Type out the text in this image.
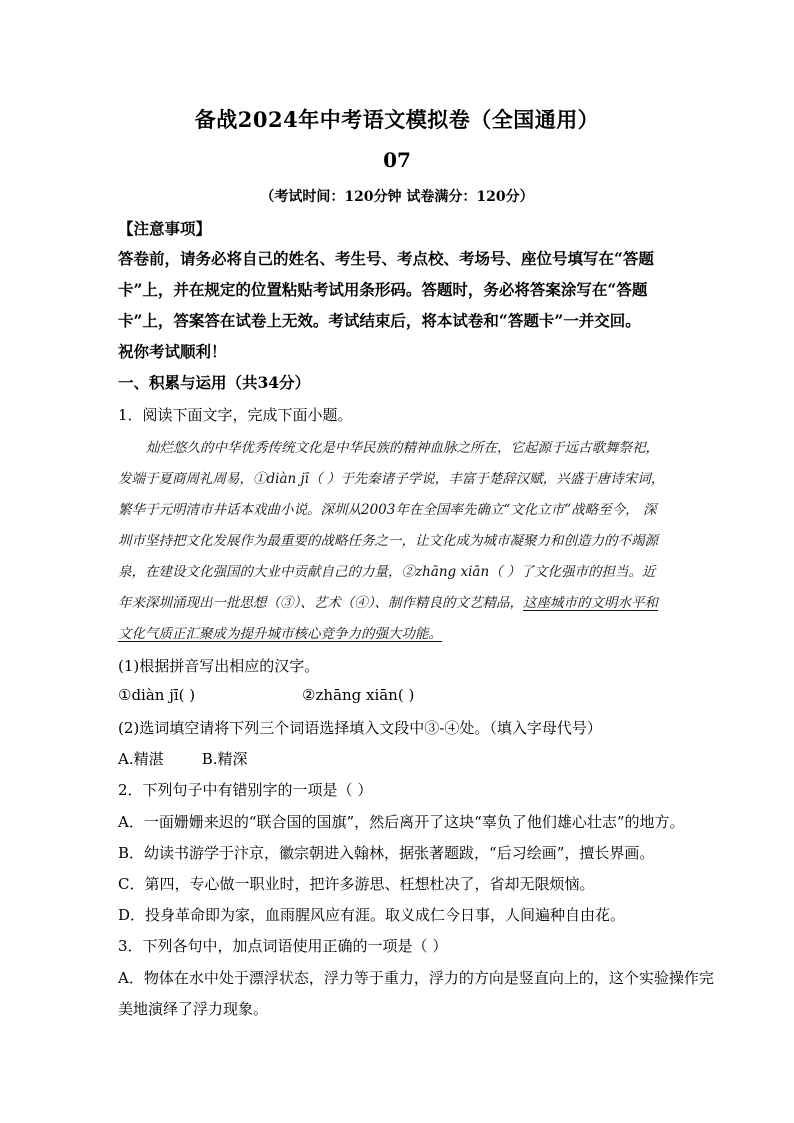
备战2024年中考语文模拟卷（全国通用）
07
（考试时间：120分钟 试卷满分：120分）
【注意事项】
答卷前，请务必将自己的姓名、考生号、考点校、考场号、座位号填写在“答题
卡”上，并在规定的位置粘贴考试用条形码。答题时，务必将答案涂写在“答题
卡”上，答案答在试卷上无效。考试结束后，将本试卷和“答题卡”一并交回。
祝你考试顺利！
一、积累与运用（共34分）
1．阅读下面文字，完成下面小题。
灿烂悠久的中华优秀传统文化是中华民族的精神血脉之所在，它起源于远古歌舞祭祀，
发端于夏商周礼周易，①diàn jī（ ）于先秦诸子学说，丰富于楚辞汉赋，兴盛于唐诗宋词，
繁华于元明清市井话本戏曲小说。深圳从2003年在全国率先确立“文化立市”战略至今， 深
圳市坚持把文化发展作为最重要的战略任务之一，让文化成为城市凝聚力和创造力的不竭源
泉，在建设文化强国的大业中贡献自己的力量，②zhāng xiān（ ）了文化强市的担当。近
年来深圳涌现出一批思想（③）、艺术（④）、制作精良的文艺精品，这座城市的文明水平和
文化气质正汇聚成为提升城市核心竞争力的强大功能。
(1)根据拼音写出相应的汉字。
①diàn jī( )	②zhāng xiān( )
(2)选词填空请将下列三个词语选择填入文段中③-④处。（填入字母代号）
A.精湛        B.精深
2．下列句子中有错别字的一项是（ ）
A．一面姗姗来迟的“联合国的国旗”，然后离开了这块“辜负了他们雄心壮志”的地方。
B．幼读书游学于汴京，徽宗朝进入翰林，据张著题跋，“后习绘画”，擅长界画。
C．第四，专心做一职业时，把许多游思、枉想杜决了，省却无限烦恼。
D．投身革命即为家，血雨腥风应有涯。取义成仁今日事，人间遍种自由花。
3．下列各句中，加点词语使用正确的一项是（ ）
A．物体在水中处于漂浮状态，浮力等于重力，浮力的方向是竖直向上的，这个实验操作完
美地演绎了浮力现象。
